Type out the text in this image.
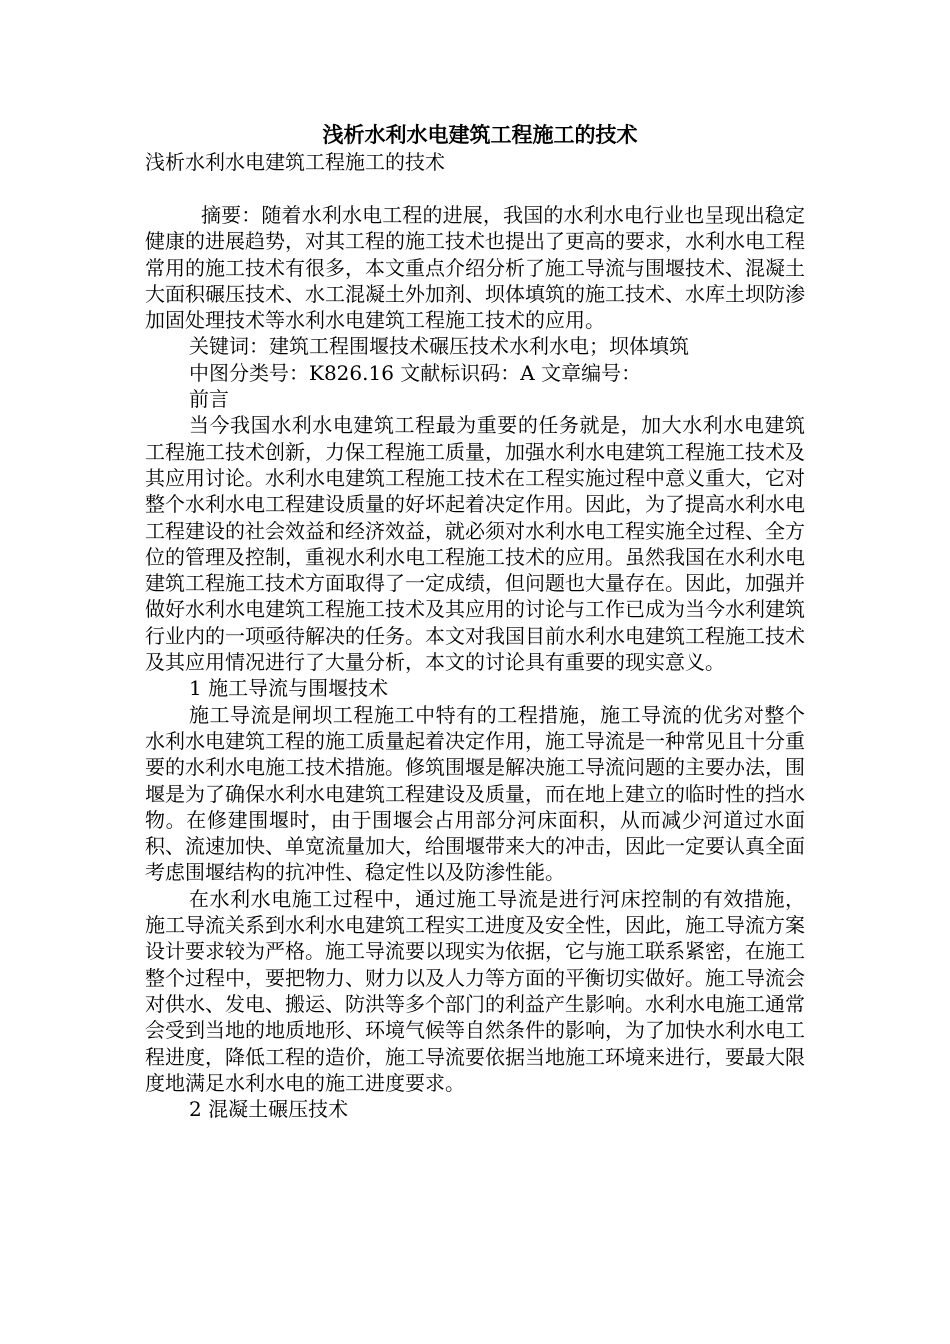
浅析水利水电建筑工程施工的技术

浅析水利水电建筑工程施工的技术

摘要：随着水利水电工程的进展，我国的水利水电行业也呈现出稳定健康的进展趋势，对其工程的施工技术也提出了更高的要求，水利水电工程常用的施工技术有很多，本文重点介绍分析了施工导流与围堰技术、混凝土大面积碾压技术、水工混凝土外加剂、坝体填筑的施工技术、水库土坝防渗加固处理技术等水利水电建筑工程施工技术的应用。

关键词：建筑工程围堰技术碾压技术水利水电；坝体填筑

中图分类号：K826.16 文献标识码：A 文章编号：

前言

当今我国水利水电建筑工程最为重要的任务就是，加大水利水电建筑工程施工技术创新，力保工程施工质量，加强水利水电建筑工程施工技术及其应用讨论。水利水电建筑工程施工技术在工程实施过程中意义重大，它对整个水利水电工程建设质量的好坏起着决定作用。因此，为了提高水利水电工程建设的社会效益和经济效益，就必须对水利水电工程实施全过程、全方位的管理及控制，重视水利水电工程施工技术的应用。虽然我国在水利水电建筑工程施工技术方面取得了一定成绩，但问题也大量存在。因此，加强并做好水利水电建筑工程施工技术及其应用的讨论与工作已成为当今水利建筑行业内的一项亟待解决的任务。本文对我国目前水利水电建筑工程施工技术及其应用情况进行了大量分析，本文的讨论具有重要的现实意义。

1 施工导流与围堰技术

施工导流是闸坝工程施工中特有的工程措施，施工导流的优劣对整个水利水电建筑工程的施工质量起着决定作用，施工导流是一种常见且十分重要的水利水电施工技术措施。修筑围堰是解决施工导流问题的主要办法，围堰是为了确保水利水电建筑工程建设及质量，而在地上建立的临时性的挡水物。在修建围堰时，由于围堰会占用部分河床面积，从而减少河道过水面积、流速加快、单宽流量加大，给围堰带来大的冲击，因此一定要认真全面考虑围堰结构的抗冲性、稳定性以及防渗性能。

在水利水电施工过程中，通过施工导流是进行河床控制的有效措施，施工导流关系到水利水电建筑工程实工进度及安全性，因此，施工导流方案设计要求较为严格。施工导流要以现实为依据，它与施工联系紧密，在施工整个过程中，要把物力、财力以及人力等方面的平衡切实做好。施工导流会对供水、发电、搬运、防洪等多个部门的利益产生影响。水利水电施工通常会受到当地的地质地形、环境气候等自然条件的影响，为了加快水利水电工程进度，降低工程的造价，施工导流要依据当地施工环境来进行，要最大限度地满足水利水电的施工进度要求。

2 混凝土碾压技术
